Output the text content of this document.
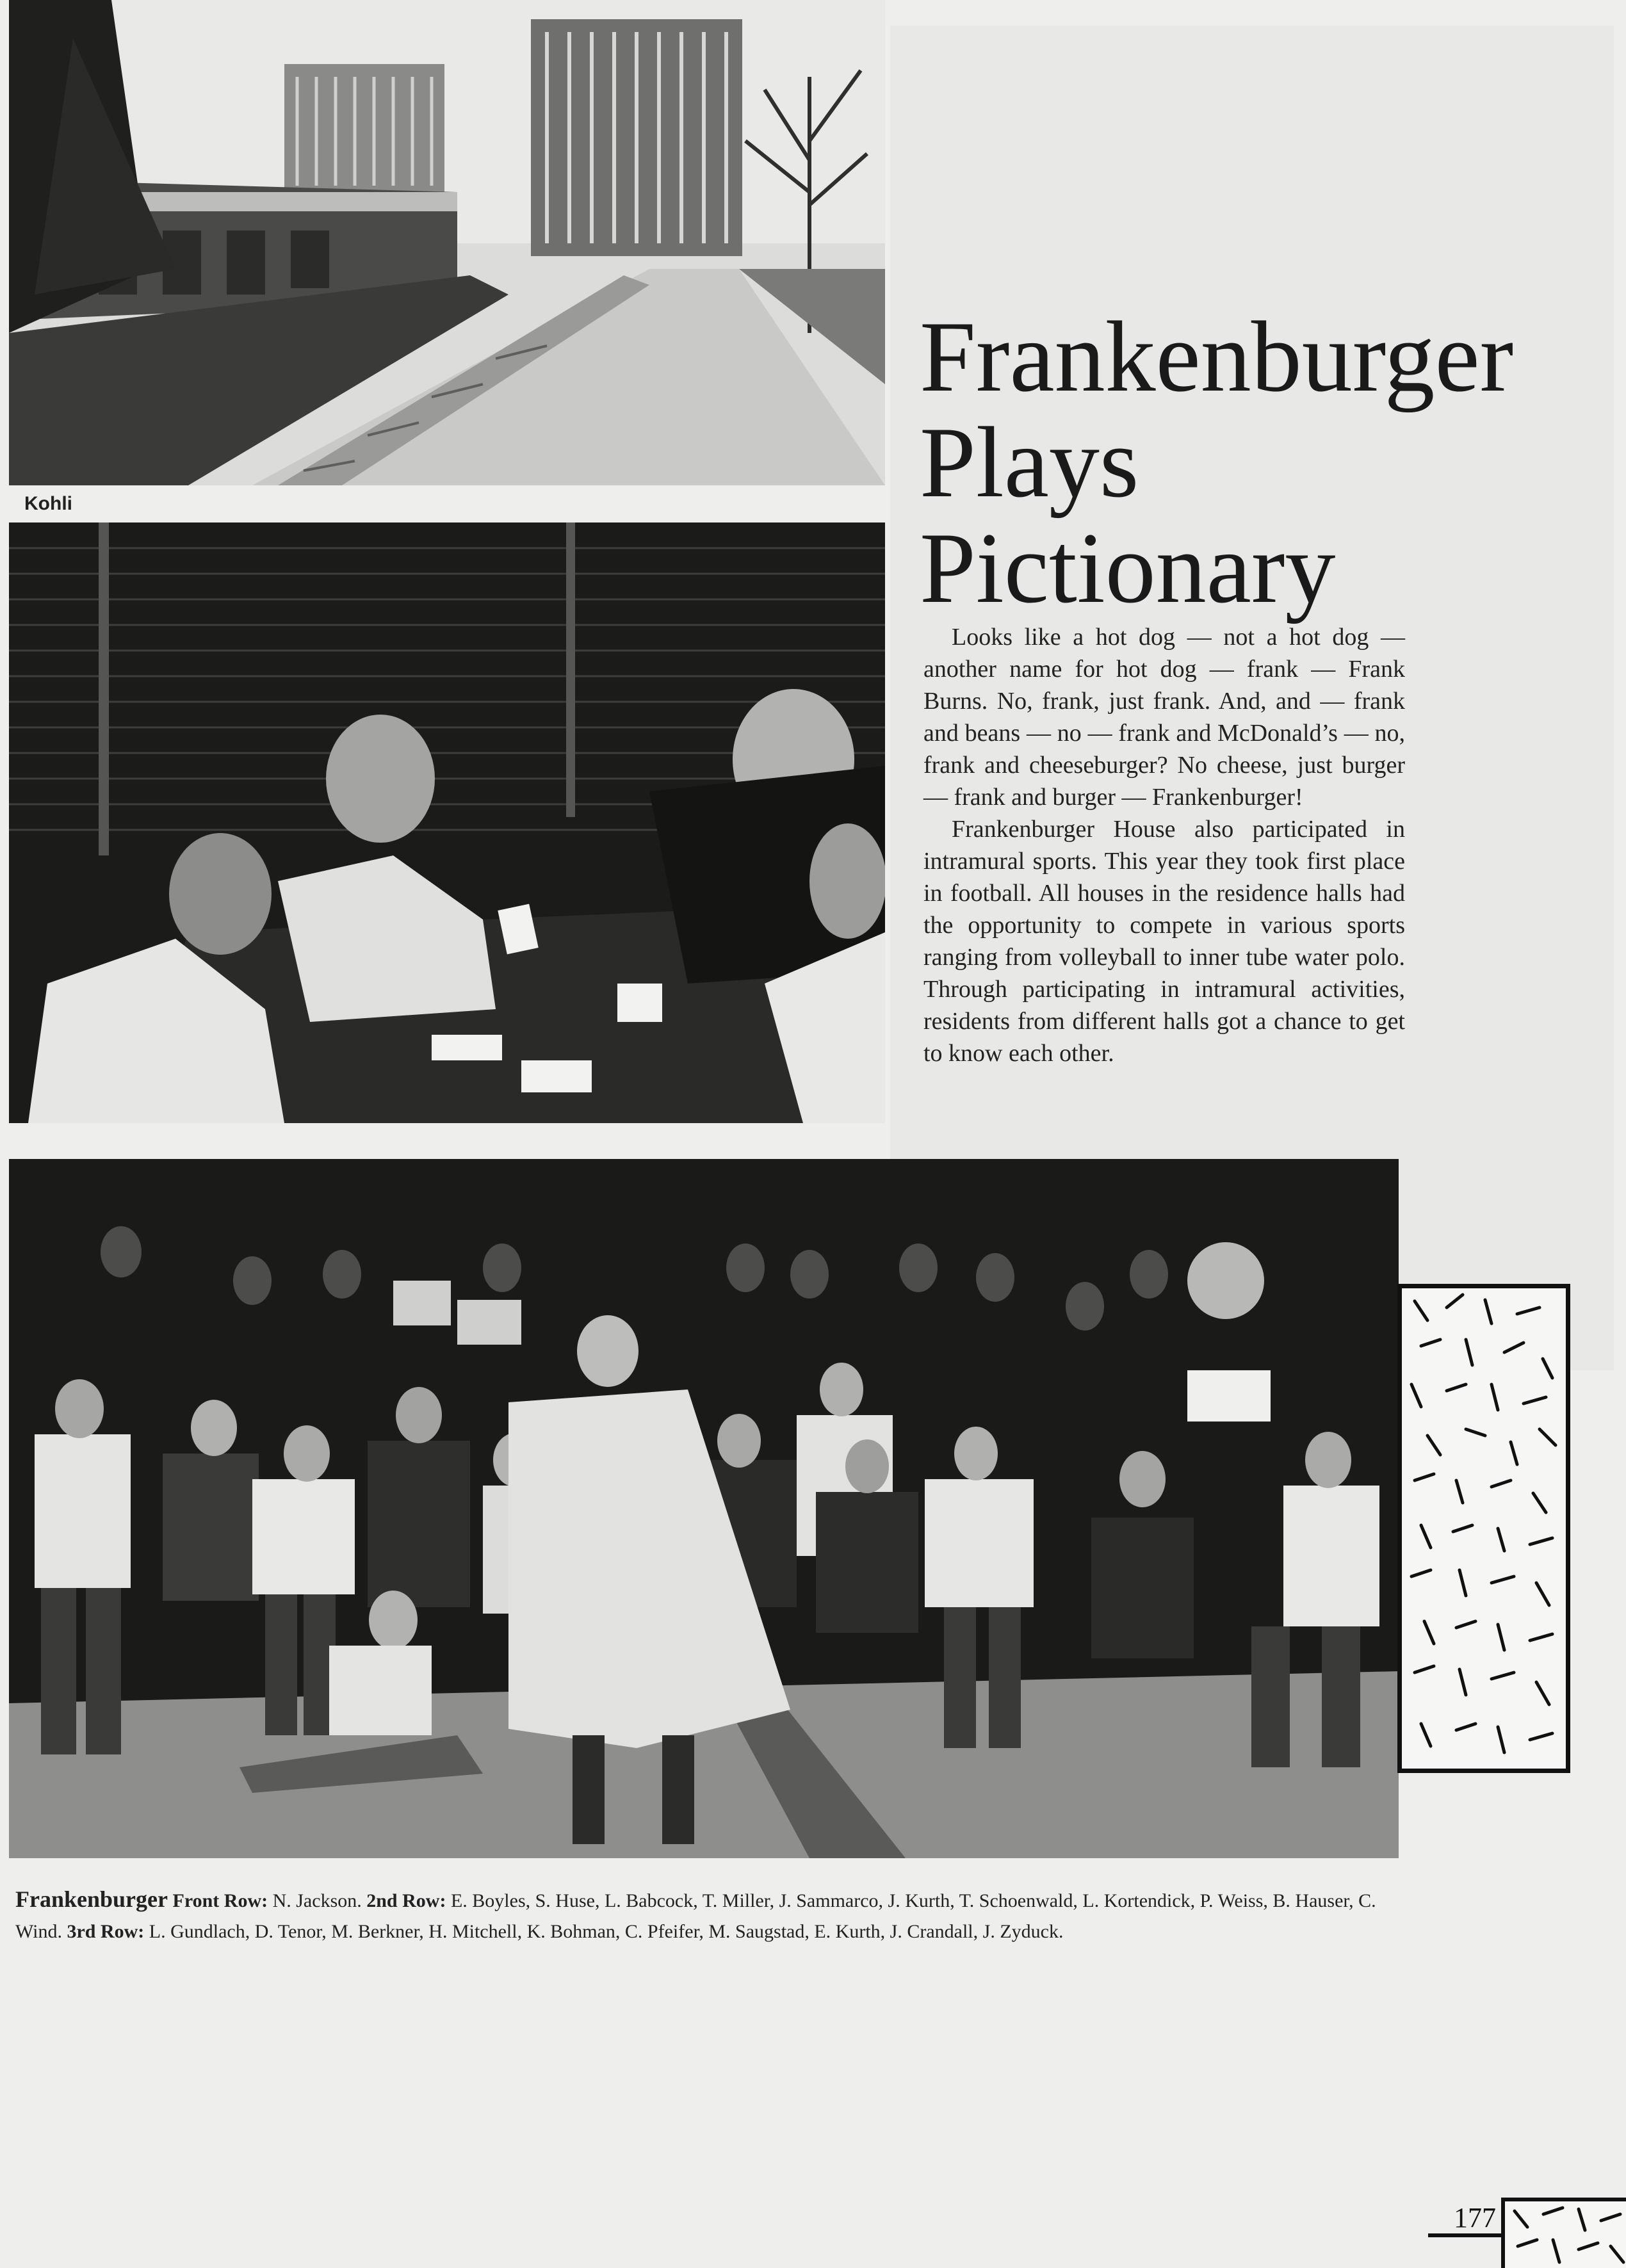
Kohli
Frankenburger
Plays
Pictionary

Looks like a hot dog — not a hot dog — another name for hot dog — frank — Frank Burns. No, frank, just frank. And, and — frank and beans — no — frank and McDonald’s — no, frank and cheeseburger? No cheese, just burger — frank and burger — Frankenburger!

Frankenburger House also participated in intramural sports. This year they took first place in football. All houses in the residence halls had the opportunity to compete in various sports ranging from volleyball to inner tube water polo. Through participating in intramural activities, residents from different halls got a chance to get to know each other.

Frankenburger Front Row: N. Jackson. 2nd Row: E. Boyles, S. Huse, L. Babcock, T. Miller, J. Sammarco, J. Kurth, T. Schoenwald, L. Kortendick, P. Weiss, B. Hauser, C. Wind. 3rd Row: L. Gundlach, D. Tenor, M. Berkner, H. Mitchell, K. Bohman, C. Pfeifer, M. Saugstad, E. Kurth, J. Crandall, J. Zyduck.
177
